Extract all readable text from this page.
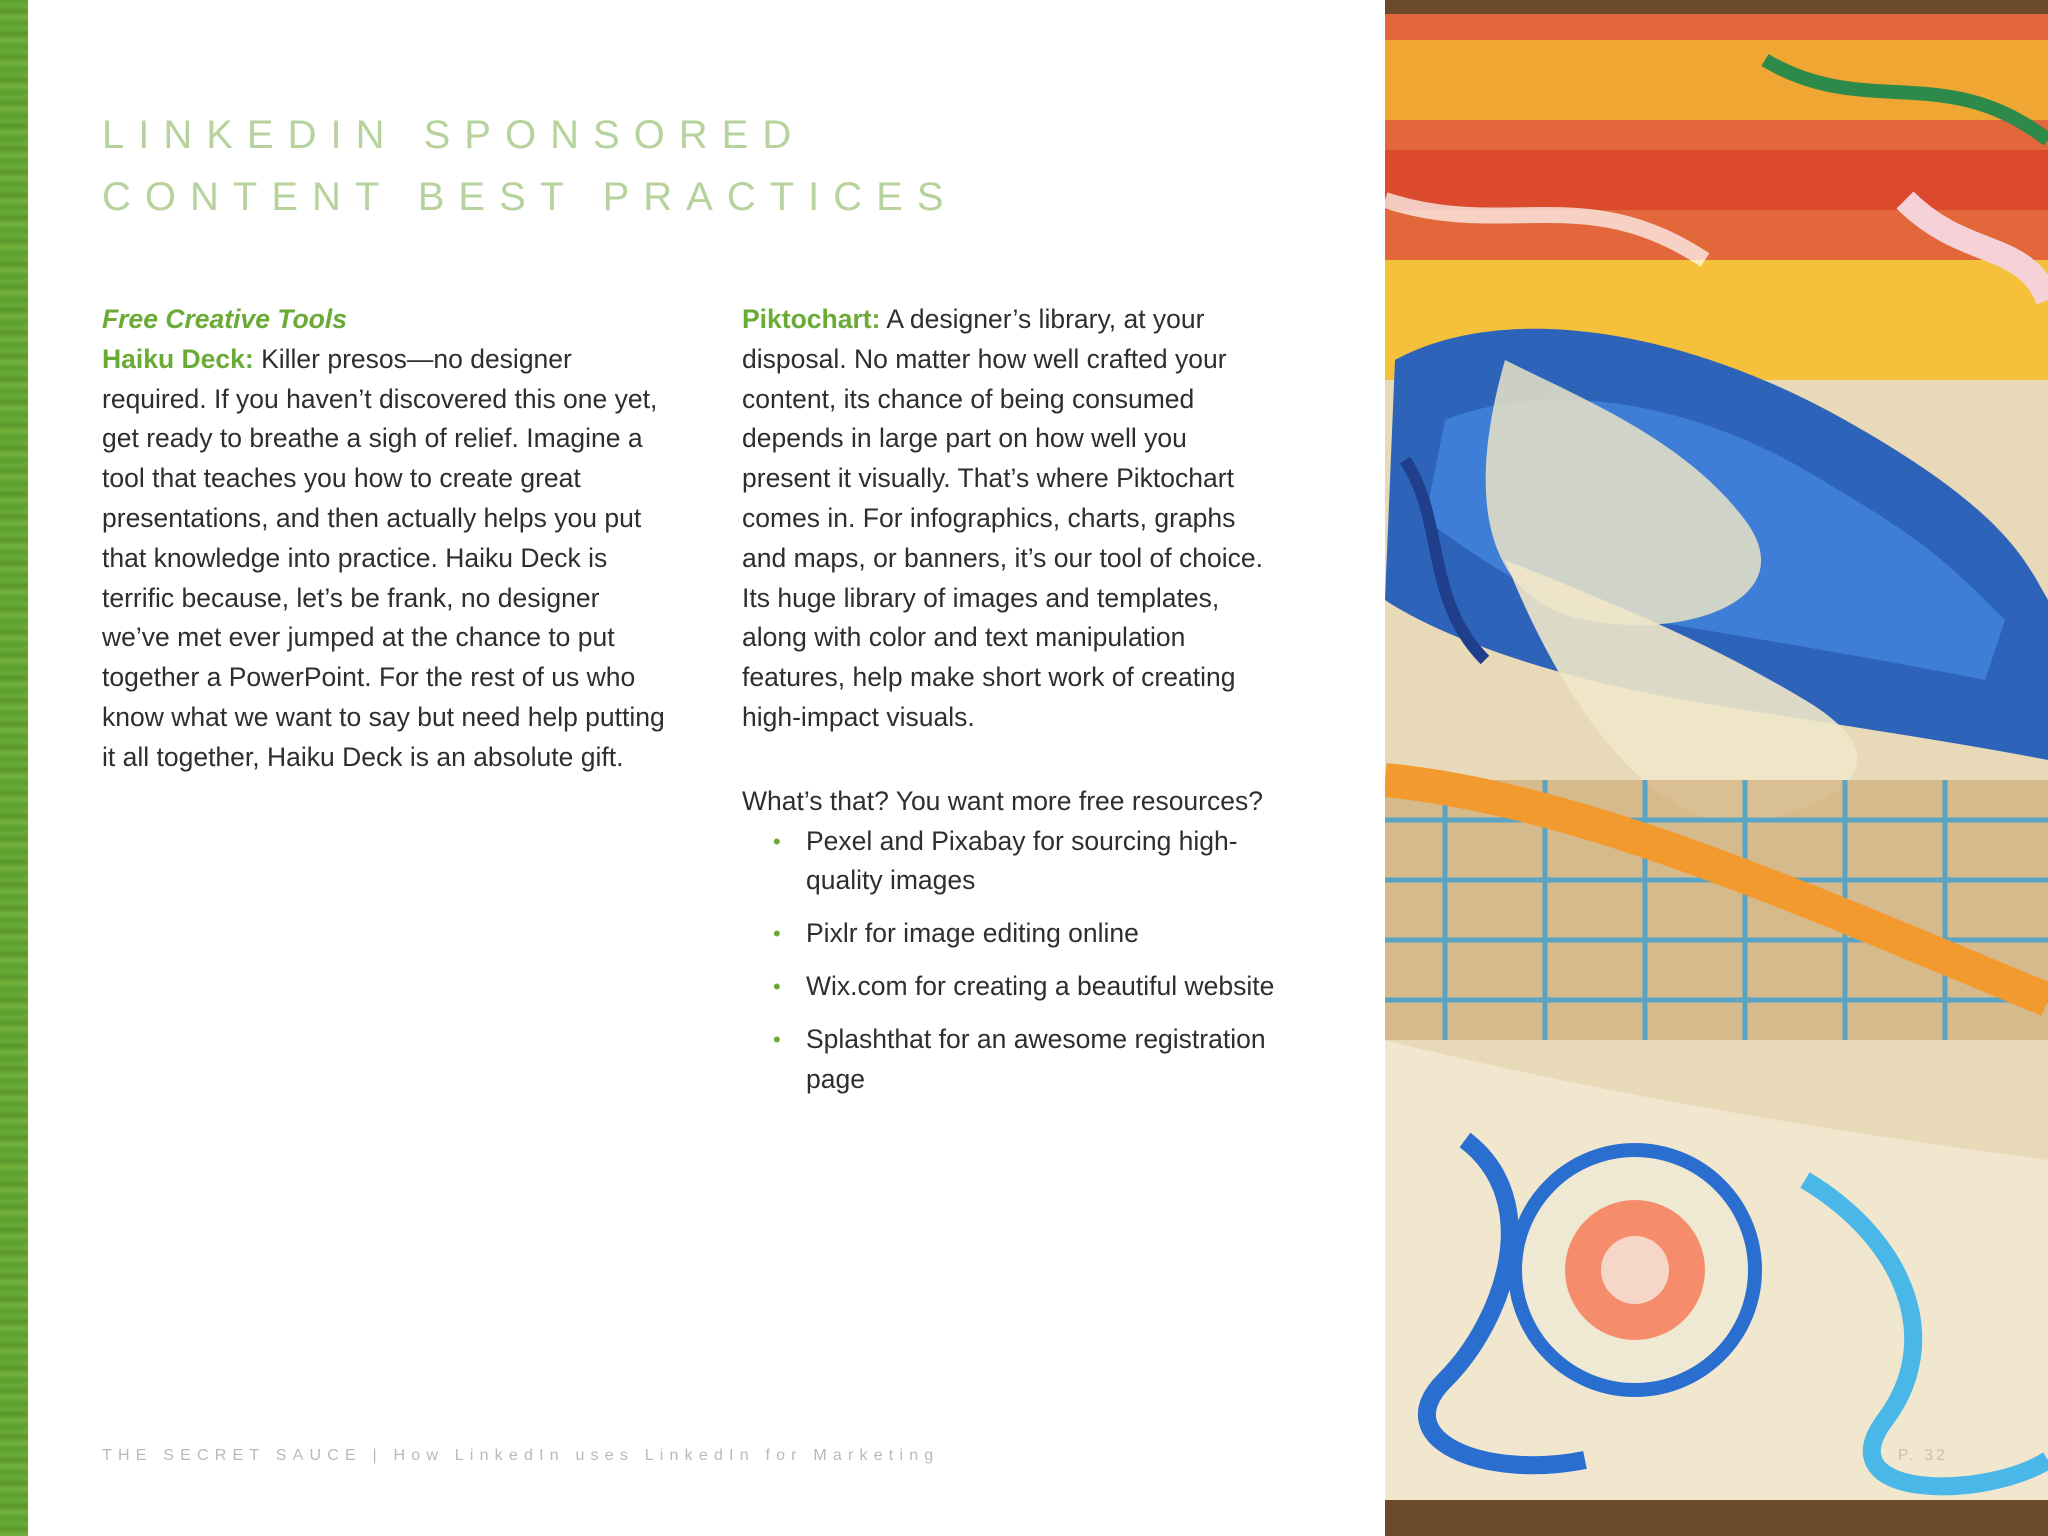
LINKEDIN SPONSORED
CONTENT BEST PRACTICES
Free Creative Tools

Haiku Deck: Killer presos—no designer required. If you haven’t discovered this one yet, get ready to breathe a sigh of relief. Imagine a tool that teaches you how to create great presentations, and then actually helps you put that knowledge into practice. Haiku Deck is terrific because, let’s be frank, no designer we’ve met ever jumped at the chance to put together a PowerPoint. For the rest of us who know what we want to say but need help putting it all together, Haiku Deck is an absolute gift.

Piktochart: A designer’s library, at your disposal. No matter how well crafted your content, its chance of being consumed depends in large part on how well you present it visually. That’s where Piktochart comes in. For infographics, charts, graphs and maps, or banners, it’s our tool of choice. Its huge library of images and templates, along with color and text manipulation features, help make short work of creating high-impact visuals.

What’s that? You want more free resources?

• Pexel and Pixabay for sourcing high-quality images
• Pixlr for image editing online
• Wix.com for creating a beautiful website
• Splashthat for an awesome registration page
THE SECRET SAUCE | How LinkedIn uses LinkedIn for Marketing	P. 32
